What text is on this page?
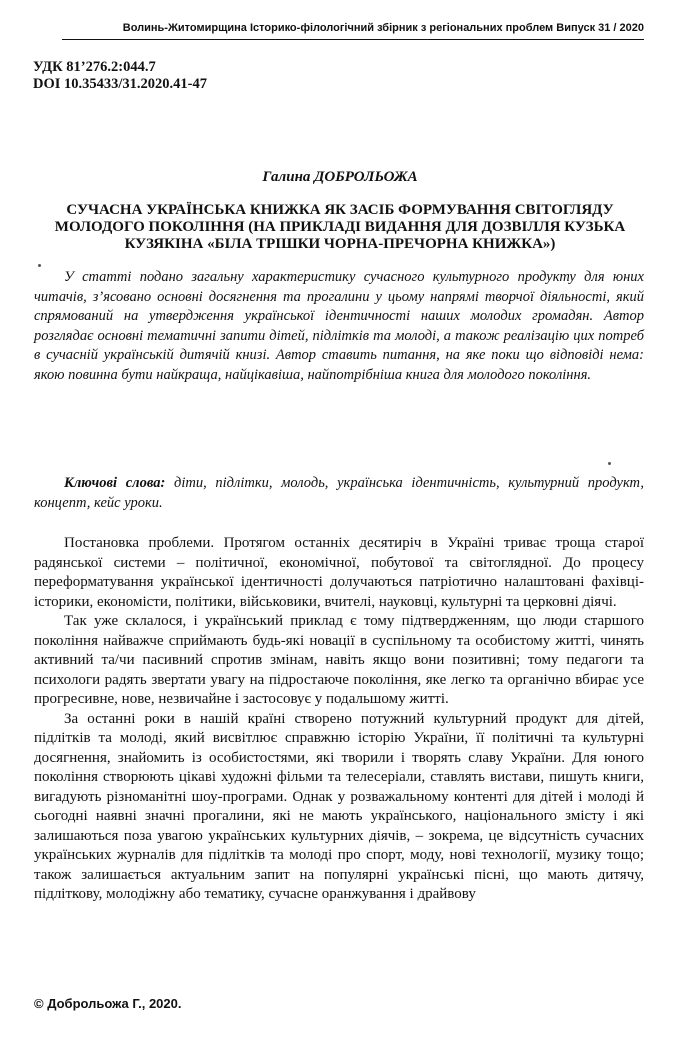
Волинь-Житомирщина Історико-філологічний збірник з регіональних проблем Випуск 31 / 2020
УДК 81’276.2:044.7
DOI 10.35433/31.2020.41-47
Галина ДОБРОЛЬОЖА
СУЧАСНА УКРАЇНСЬКА КНИЖКА ЯК ЗАСІБ ФОРМУВАННЯ СВІТОГЛЯДУ МОЛОДОГО ПОКОЛІННЯ (НА ПРИКЛАДІ ВИДАННЯ ДЛЯ ДОЗВІЛЛЯ КУЗЬКА КУЗЯКІНА «БІЛА ТРІШКИ ЧОРНА-ПРЕЧОРНА КНИЖКА»)

У статті подано загальну характеристику сучасного культурного продукту для юних читачів, з’ясовано основні досягнення та прогалини у цьому напрямі творчої діяльності, який спрямований на утвердження української ідентичності наших молодих громадян. Автор розглядає основні тематичні запити дітей, підлітків та молоді, а також реалізацію цих потреб в сучасній українській дитячій книзі. Автор ставить питання, на яке поки що відповіді нема: якою повинна бути найкраща, найцікавіша, найпотрібніша книга для молодого покоління.

Ключові слова: діти, підлітки, молодь, українська ідентичність, культурний продукт, концепт, кейс уроки.

Постановка проблеми. Протягом останніх десятиріч в Україні триває троща старої радянської системи – політичної, економічної, побутової та світоглядної. До процесу переформатування української ідентичності долучаються патріотично налаштовані фахівці-історики, економісти, політики, військовики, вчителі, науковці, культурні та церковні діячі.

Так уже склалося, і український приклад є тому підтвердженням, що люди старшого покоління найважче сприймають будь-які новації в суспільному та особистому житті, чинять активний та/чи пасивний спротив змінам, навіть якщо вони позитивні; тому педагоги та психологи радять звертати увагу на підростаюче покоління, яке легко та органічно вбирає усе прогресивне, нове, незвичайне і застосовує у подальшому житті.

За останні роки в нашій країні створено потужний культурний продукт для дітей, підлітків та молоді, який висвітлює справжню історію України, її політичні та культурні досягнення, знайомить із особистостями, які творили і творять славу України. Для юного покоління створюють цікаві художні фільми та телесеріали, ставлять вистави, пишуть книги, вигадують різноманітні шоу-програми. Однак у розважальному контенті для дітей і молоді й сьогодні наявні значні прогалини, які не мають українського, національного змісту і які залишаються поза увагою українських культурних діячів, – зокрема, це відсутність сучасних українських журналів для підлітків та молоді про спорт, моду, нові технології, музику тощо; також залишається актуальним запит на популярні українські пісні, що мають дитячу, підліткову, молодіжну або тематику, сучасне оранжування і драйвову

© Доброльожа Г., 2020.
